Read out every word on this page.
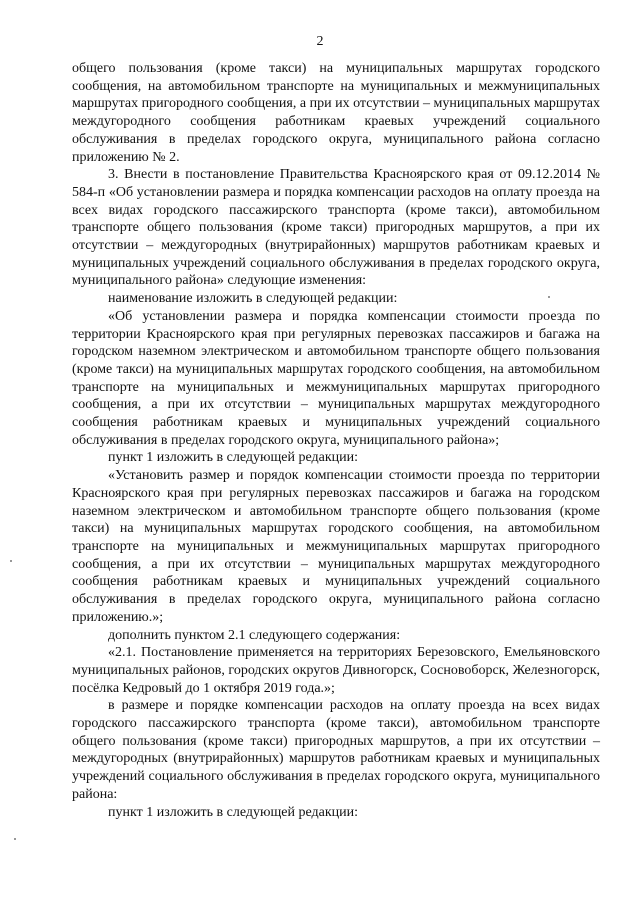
2

общего пользования (кроме такси) на муниципальных маршрутах городского сообщения, на автомобильном транспорте на муниципальных и межмуниципальных маршрутах пригородного сообщения, а при их отсутствии – муниципальных маршрутах междугородного сообщения работникам краевых учреждений социального обслуживания в пределах городского округа, муниципального района согласно приложению № 2.

3. Внести в постановление Правительства Красноярского края от 09.12.2014 № 584-п «Об установлении размера и порядка компенсации расходов на оплату проезда на всех видах городского пассажирского транспорта (кроме такси), автомобильном транспорте общего пользования (кроме такси) пригородных маршрутов, а при их отсутствии – междугородных (внутрирайонных) маршрутов работникам краевых и муниципальных учреждений социального обслуживания в пределах городского округа, муниципального района» следующие изменения:

наименование изложить в следующей редакции:

«Об установлении размера и порядка компенсации стоимости проезда по территории Красноярского края при регулярных перевозках пассажиров и багажа на городском наземном электрическом и автомобильном транспорте общего пользования (кроме такси) на муниципальных маршрутах городского сообщения, на автомобильном транспорте на муниципальных и межмуниципальных маршрутах пригородного сообщения, а при их отсутствии – муниципальных маршрутах междугородного сообщения работникам краевых и муниципальных учреждений социального обслуживания в пределах городского округа, муниципального района»;

пункт 1 изложить в следующей редакции:

«Установить размер и порядок компенсации стоимости проезда по территории Красноярского края при регулярных перевозках пассажиров и багажа на городском наземном электрическом и автомобильном транспорте общего пользования (кроме такси) на муниципальных маршрутах городского сообщения, на автомобильном транспорте на муниципальных и межмуниципальных маршрутах пригородного сообщения, а при их отсутствии – муниципальных маршрутах междугородного сообщения работникам краевых и муниципальных учреждений социального обслуживания в пределах городского округа, муниципального района согласно приложению.»;

дополнить пунктом 2.1 следующего содержания:

«2.1. Постановление применяется на территориях Березовского, Емельяновского муниципальных районов, городских округов Дивногорск, Сосновоборск, Железногорск, посёлка Кедровый до 1 октября 2019 года.»;

в размере и порядке компенсации расходов на оплату проезда на всех видах городского пассажирского транспорта (кроме такси), автомобильном транспорте общего пользования (кроме такси) пригородных маршрутов, а при их отсутствии – междугородных (внутрирайонных) маршрутов работникам краевых и муниципальных учреждений социального обслуживания в пределах городского округа, муниципального района:

пункт 1 изложить в следующей редакции:
